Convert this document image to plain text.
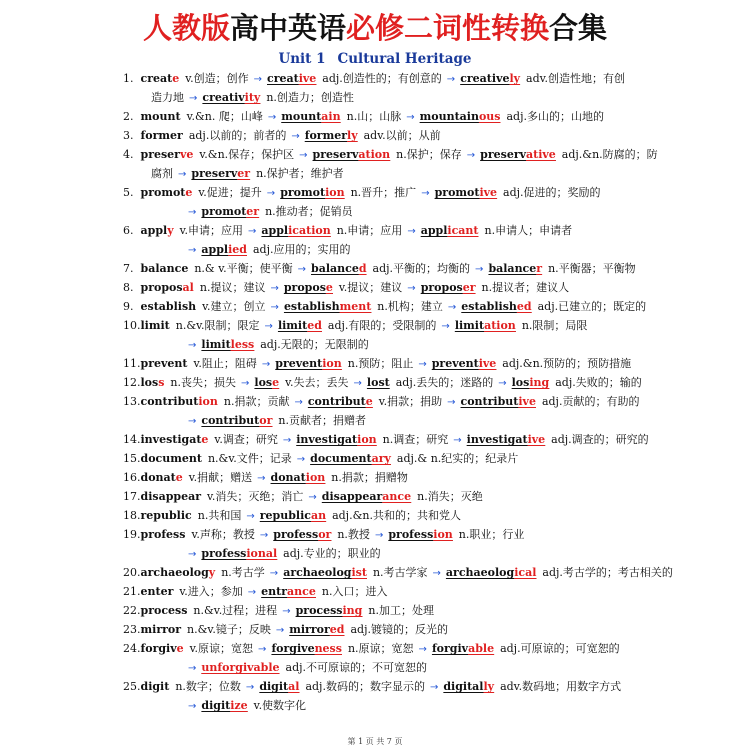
人教版高中英语必修二词性转换合集
Unit 1 Cultural Heritage
1. create v.创造；创作 → creative adj.创造性的；有创意的 → creatively adv.创造性地；有创
造力地 → creativity n.创造力；创造性
2. mount v.&n. 爬；山峰 → mountain n.山；山脉 → mountainous adj.多山的；山地的
3. former adj.以前的；前者的 → formerly adv.以前；从前
4. preserve v.&n.保存；保护区 → preservation n.保护；保存 → preservative adj.&n.防腐的；防
腐剂 → preserver n.保护者；维护者
5. promote v.促进；提升 → promotion n.晋升；推广 → promotive adj.促进的；奖励的
→ promoter n.推动者；促销员
6. apply v.申请；应用 → application n.申请；应用 → applicant n.申请人；申请者
→ applied adj.应用的；实用的
7. balance n.& v.平衡；使平衡 → balanced adj.平衡的；均衡的 → balancer n.平衡器；平衡物
8. proposal n.提议；建议 → propose v.提议；建议 → proposer n.提议者；建议人
9. establish v.建立；创立 → establishment n.机构；建立 → established adj.已建立的；既定的
10. limit n.&v.限制；限定 → limited adj.有限的；受限制的 → limitation n.限制；局限
→ limitless adj.无限的；无限制的
11. prevent v.阻止；阻碍 → prevention n.预防；阻止 → preventive adj.&n.预防的；预防措施
12. loss n.丧失；损失 → lose v.失去；丢失 → lost adj.丢失的；迷路的 → losing adj.失败的；输的
13. contribution n.捐款；贡献 → contribute v.捐款；捐助 → contributive adj.贡献的；有助的
→ contributor n.贡献者；捐赠者
14. investigate v.调查；研究 → investigation n.调查；研究 → investigative adj.调查的；研究的
15. document n.&v.文件；记录 → documentary adj.& n.纪实的；纪录片
16. donate v.捐献；赠送 → donation n.捐款；捐赠物
17. disappear v.消失；灭绝；消亡 → disappearance n.消失；灭绝
18. republic n.共和国 → republican adj.&n.共和的；共和党人
19. profess v.声称；教授 → professor n.教授 → profession n.职业；行业
→ professional adj.专业的；职业的
20. archaeology n.考古学 → archaeologist n.考古学家 → archaeological adj.考古学的；考古相关的
21. enter v.进入；参加 → entrance n.入口；进入
22. process n.&v.过程；进程 → processing n.加工；处理
23. mirror n.&v.镜子；反映 → mirrored adj.镀镜的；反光的
24. forgive v.原谅；宽恕 → forgiveness n.原谅；宽恕 → forgivable adj.可原谅的；可宽恕的
→ unforgivable adj.不可原谅的；不可宽恕的
25. digit n.数字；位数 → digital adj.数码的；数字显示的 → digitally adv.数码地；用数字方式
→ digitize v.使数字化
第 1 页 共 7 页
